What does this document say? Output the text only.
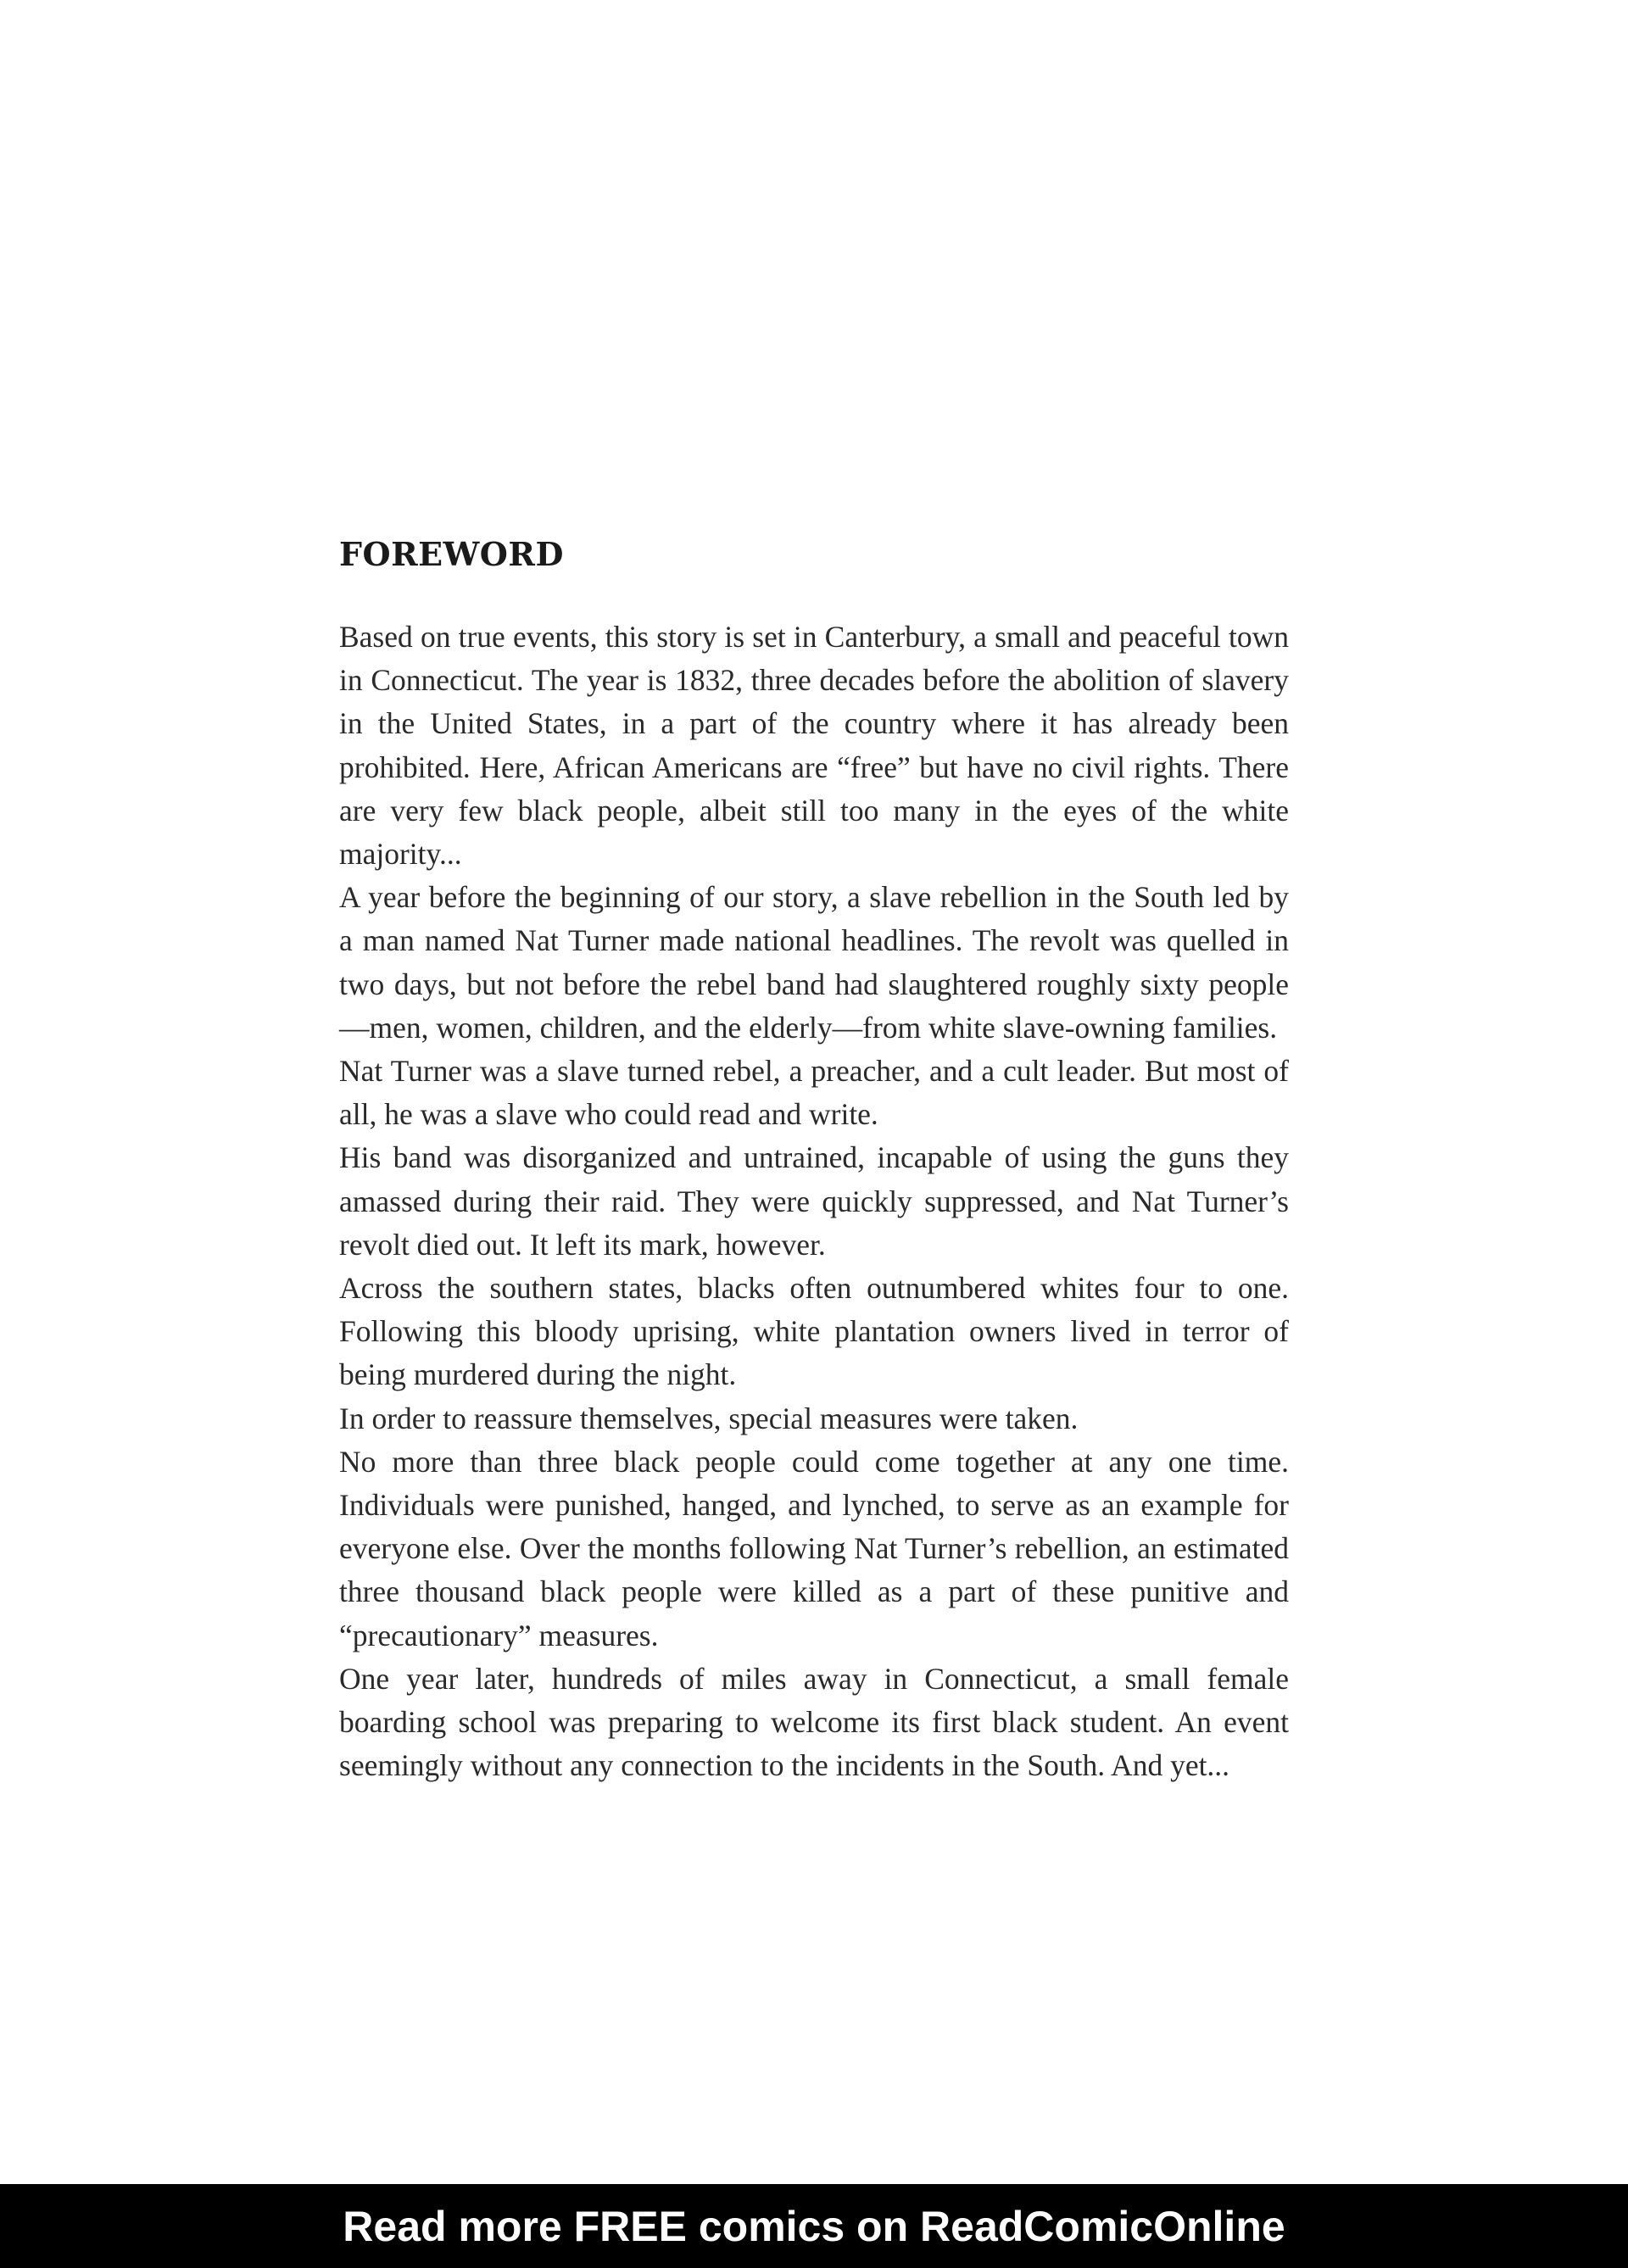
FOREWORD

Based on true events, this story is set in Canterbury, a small and peaceful town in Connecticut. The year is 1832, three decades before the abolition of slavery in the United States, in a part of the country where it has already been prohibited. Here, African Americans are “free” but have no civil rights. There are very few black people, albeit still too many in the eyes of the white majority...

A year before the beginning of our story, a slave rebellion in the South led by a man named Nat Turner made national headlines. The revolt was quelled in two days, but not before the rebel band had slaughtered roughly sixty people—men, women, children, and the elderly—from white slave-owning families.

Nat Turner was a slave turned rebel, a preacher, and a cult leader. But most of all, he was a slave who could read and write.

His band was disorganized and untrained, incapable of using the guns they amassed during their raid. They were quickly suppressed, and Nat Turner’s revolt died out. It left its mark, however.

Across the southern states, blacks often outnumbered whites four to one. Following this bloody uprising, white plantation owners lived in terror of being murdered during the night.

In order to reassure themselves, special measures were taken.

No more than three black people could come together at any one time. Individuals were punished, hanged, and lynched, to serve as an example for everyone else. Over the months following Nat Turner’s rebellion, an estimated three thousand black people were killed as a part of these punitive and “precautionary” measures.

One year later, hundreds of miles away in Connecticut, a small female boarding school was preparing to welcome its first black student. An event seemingly without any connection to the incidents in the South. And yet...

Read more FREE comics on ReadComicOnline
